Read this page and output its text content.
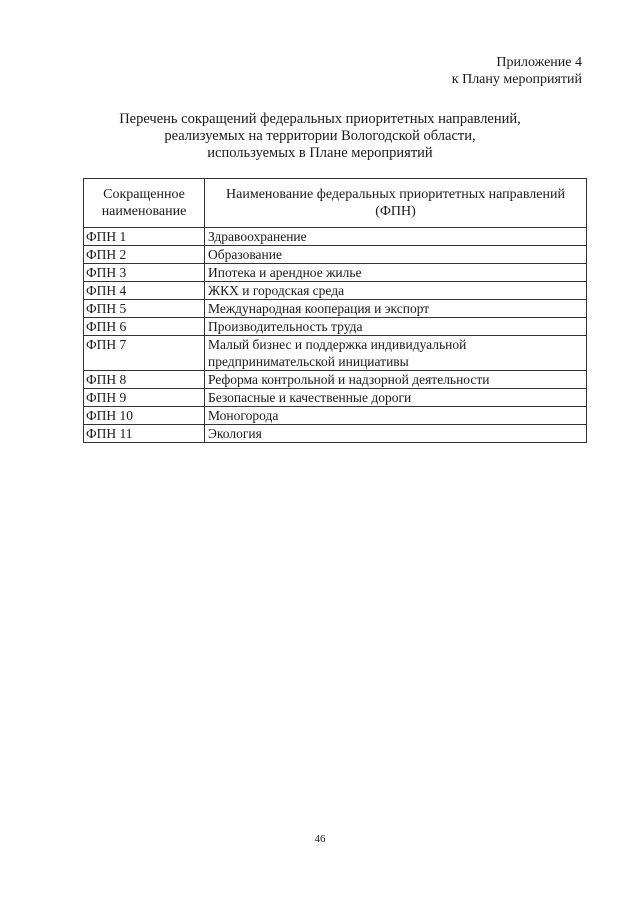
Приложение 4
к Плану мероприятий
Перечень сокращений федеральных приоритетных направлений,
реализуемых на территории Вологодской области,
используемых в Плане мероприятий
Сокращенное наименование	Наименование федеральных приоритетных направлений (ФПН)
ФПН 1	Здравоохранение
ФПН 2	Образование
ФПН 3	Ипотека и арендное жилье
ФПН 4	ЖКХ и городская среда
ФПН 5	Международная кооперация и экспорт
ФПН 6	Производительность труда
ФПН 7	Малый бизнес и поддержка индивидуальной предпринимательской инициативы
ФПН 8	Реформа контрольной и надзорной деятельности
ФПН 9	Безопасные и качественные дороги
ФПН 10	Моногорода
ФПН 11	Экология
46
